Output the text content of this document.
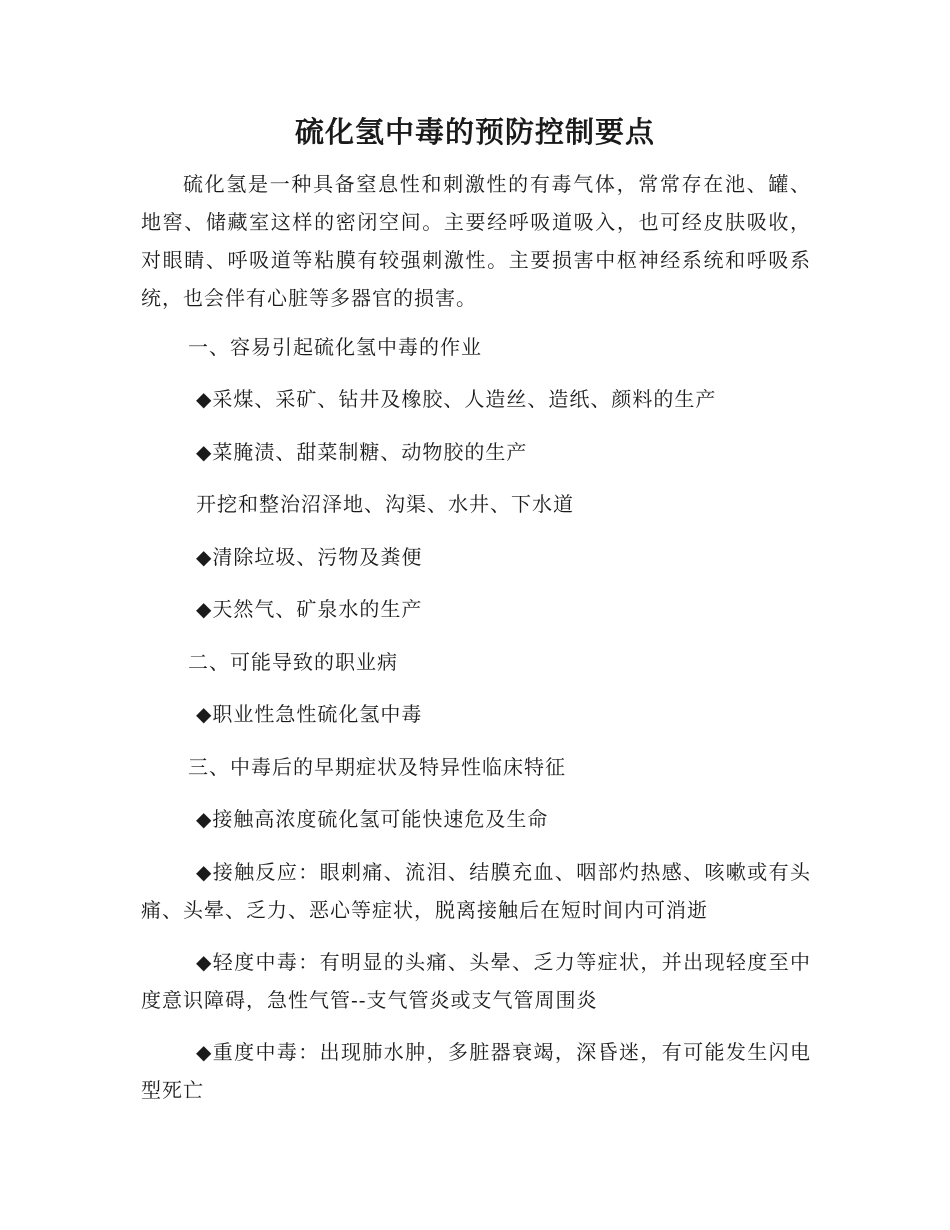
硫化氢中毒的预防控制要点

硫化氢是一种具备窒息性和刺激性的有毒气体，常常存在池、罐、地窖、储藏室这样的密闭空间。主要经呼吸道吸入，也可经皮肤吸收，对眼睛、呼吸道等粘膜有较强刺激性。主要损害中枢神经系统和呼吸系统，也会伴有心脏等多器官的损害。

一、容易引起硫化氢中毒的作业

◆采煤、采矿、钻井及橡胶、人造丝、造纸、颜料的生产

◆菜腌渍、甜菜制糖、动物胶的生产

开挖和整治沼泽地、沟渠、水井、下水道

◆清除垃圾、污物及粪便

◆天然气、矿泉水的生产

二、可能导致的职业病

◆职业性急性硫化氢中毒

三、中毒后的早期症状及特异性临床特征

◆接触高浓度硫化氢可能快速危及生命

◆接触反应：眼刺痛、流泪、结膜充血、咽部灼热感、咳嗽或有头痛、头晕、乏力、恶心等症状，脱离接触后在短时间内可消逝

◆轻度中毒：有明显的头痛、头晕、乏力等症状，并出现轻度至中度意识障碍，急性气管--支气管炎或支气管周围炎

◆重度中毒：出现肺水肿，多脏器衰竭，深昏迷，有可能发生闪电型死亡
